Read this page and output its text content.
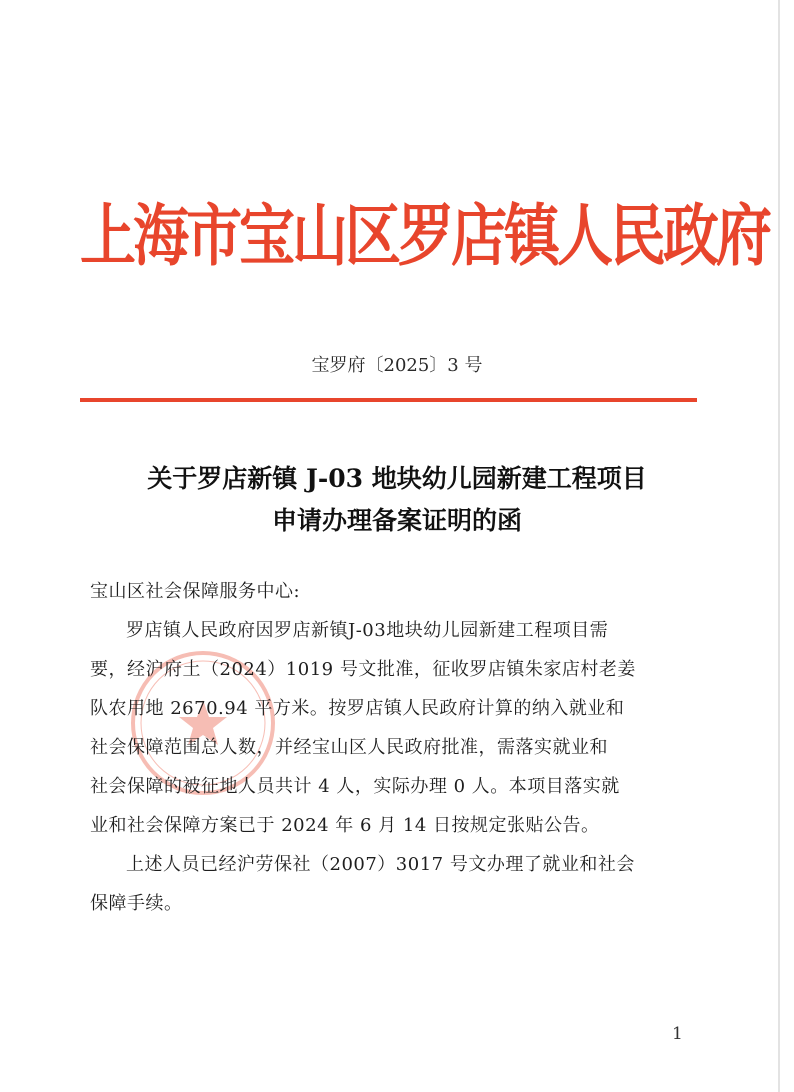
上海市宝山区罗店镇人民政府
宝罗府〔2025〕3 号
关于罗店新镇 J-03 地块幼儿园新建工程项目
申请办理备案证明的函

宝山区社会保障服务中心:

罗店镇人民政府因罗店新镇J-03地块幼儿园新建工程项目需
要，经沪府土（2024）1019 号文批准，征收罗店镇朱家店村老姜
队农用地 2670.94 平方米。按罗店镇人民政府计算的纳入就业和
社会保障范围总人数，并经宝山区人民政府批准，需落实就业和
社会保障的被征地人员共计 4 人，实际办理 0 人。本项目落实就
业和社会保障方案已于 2024 年 6 月 14 日按规定张贴公告。

上述人员已经沪劳保社（2007）3017 号文办理了就业和社会
保障手续。

1
